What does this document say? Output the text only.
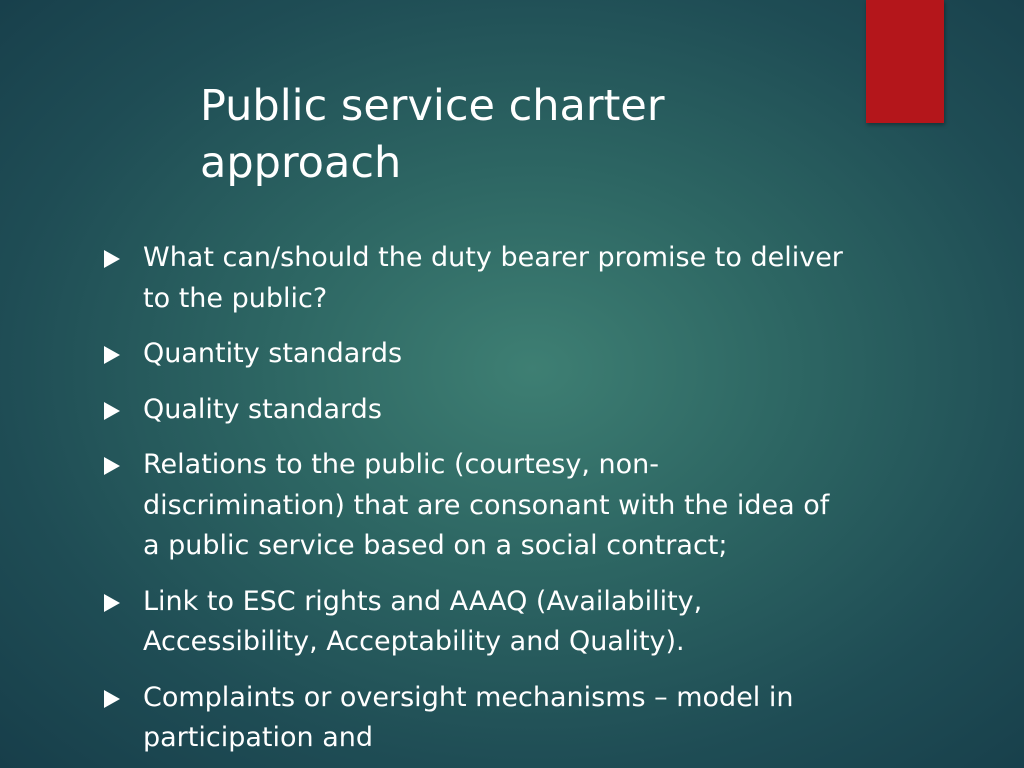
Public service charter approach
What can/should the duty bearer promise to deliver to the public?
Quantity standards
Quality standards
Relations to the public (courtesy, non-discrimination) that are consonant with the idea of a public service based on a social contract;
Link to ESC rights and AAAQ (Availability, Accessibility, Acceptability and Quality).
Complaints or oversight mechanisms – model in participation and
